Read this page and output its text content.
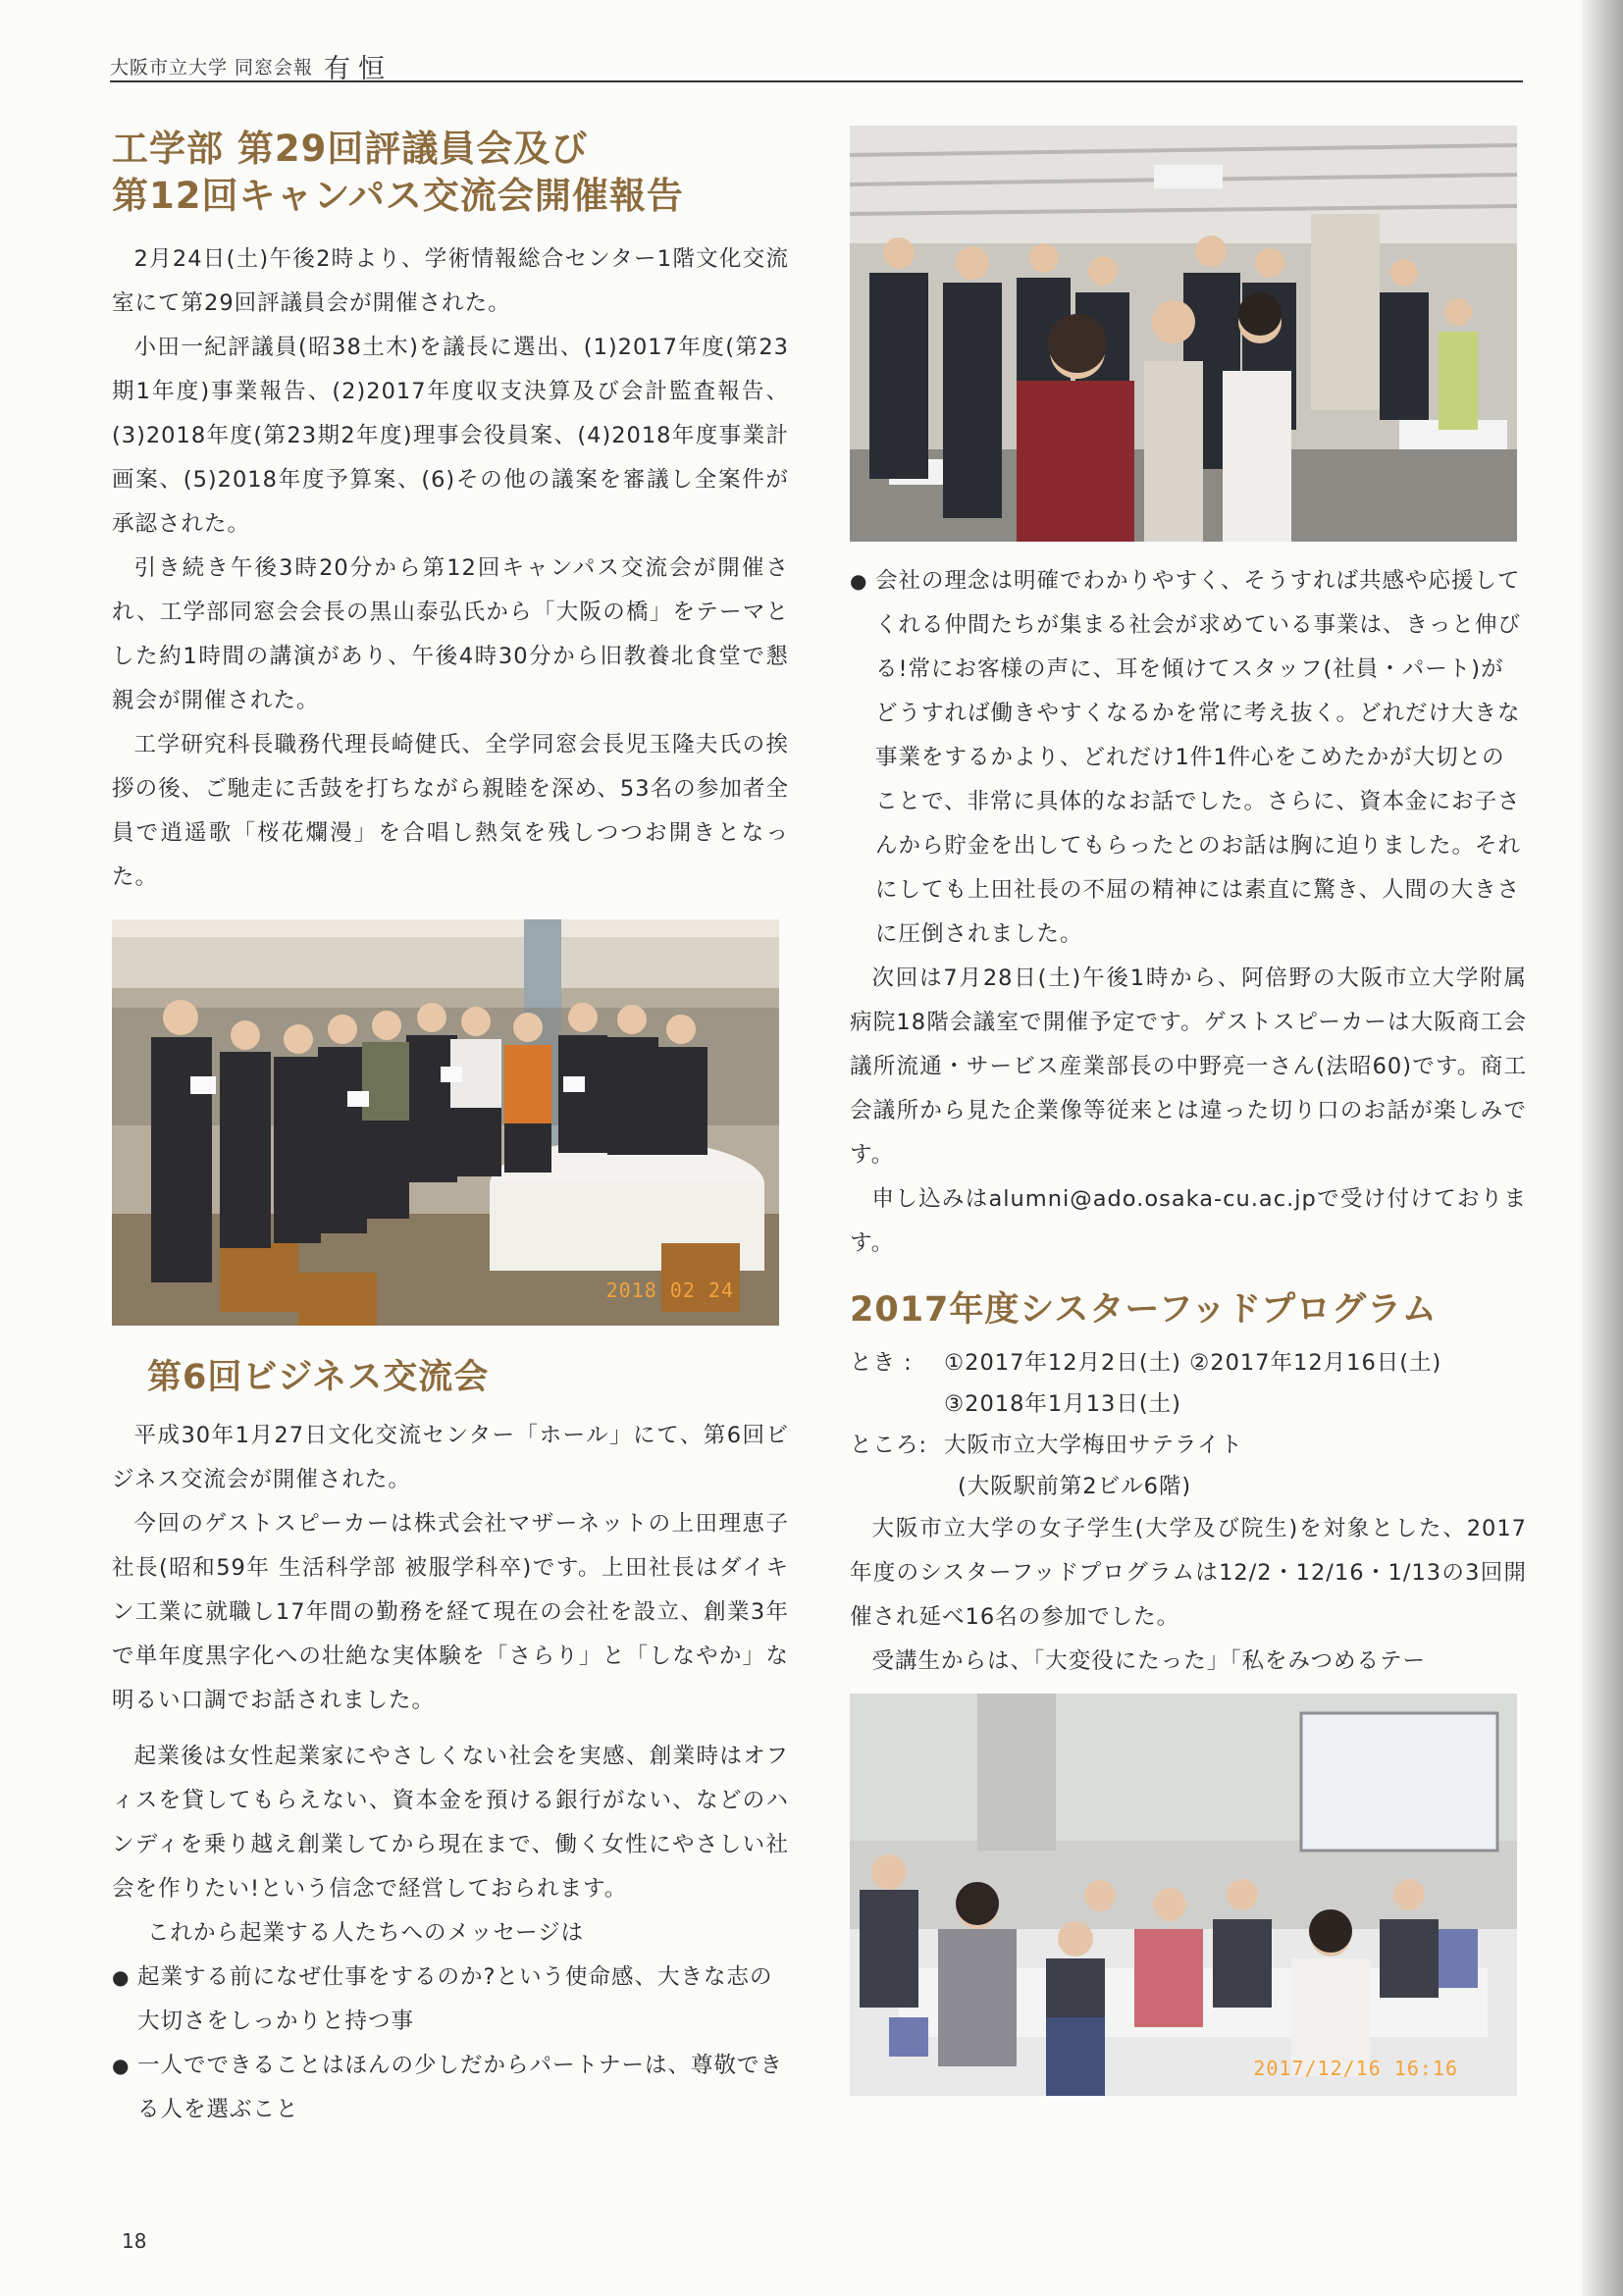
大阪市立大学 同窓会報 有恒
工学部 第29回評議員会及び
第12回キャンパス交流会開催報告

2月24日(土)午後2時より、学術情報総合センター1階文化交流室にて第29回評議員会が開催された。

小田一紀評議員(昭38土木)を議長に選出、(1)2017年度(第23期1年度)事業報告、(2)2017年度収支決算及び会計監査報告、(3)2018年度(第23期2年度)理事会役員案、(4)2018年度事業計画案、(5)2018年度予算案、(6)その他の議案を審議し全案件が承認された。

引き続き午後3時20分から第12回キャンパス交流会が開催され、工学部同窓会会長の黒山泰弘氏から「大阪の橋」をテーマとした約1時間の講演があり、午後4時30分から旧教養北食堂で懇親会が開催された。

工学研究科長職務代理長崎健氏、全学同窓会長児玉隆夫氏の挨拶の後、ご馳走に舌鼓を打ちながら親睦を深め、53名の参加者全員で逍遥歌「桜花爛漫」を合唱し熱気を残しつつお開きとなった。

2018 02 24
第6回ビジネス交流会

平成30年1月27日文化交流センター「ホール」にて、第6回ビジネス交流会が開催された。

今回のゲストスピーカーは株式会社マザーネットの上田理恵子社長(昭和59年 生活科学部 被服学科卒)です。上田社長はダイキン工業に就職し17年間の勤務を経て現在の会社を設立、創業3年で単年度黒字化への壮絶な実体験を「さらり」と「しなやか」な明るい口調でお話されました。

起業後は女性起業家にやさしくない社会を実感、創業時はオフィスを貸してもらえない、資本金を預ける銀行がない、などのハンディを乗り越え創業してから現在まで、働く女性にやさしい社会を作りたい!という信念で経営しておられます。

これから起業する人たちへのメッセージは

● 起業する前になぜ仕事をするのか?という使命感、大きな志の大切さをしっかりと持つ事

● 一人でできることはほんの少しだからパートナーは、尊敬できる人を選ぶこと

● 会社の理念は明確でわかりやすく、そうすれば共感や応援してくれる仲間たちが集まる社会が求めている事業は、きっと伸びる!常にお客様の声に、耳を傾けてスタッフ(社員・パート)がどうすれば働きやすくなるかを常に考え抜く。どれだけ大きな事業をするかより、どれだけ1件1件心をこめたかが大切とのことで、非常に具体的なお話でした。さらに、資本金にお子さんから貯金を出してもらったとのお話は胸に迫りました。それにしても上田社長の不屈の精神には素直に驚き、人間の大きさに圧倒されました。

次回は7月28日(土)午後1時から、阿倍野の大阪市立大学附属病院18階会議室で開催予定です。ゲストスピーカーは大阪商工会議所流通・サービス産業部長の中野亮一さん(法昭60)です。商工会議所から見た企業像等従来とは違った切り口のお話が楽しみです。

申し込みはalumni@ado.osaka-cu.ac.jpで受け付けております。

2017年度シスターフッドプログラム
とき :	①2017年12月2日(土) ②2017年12月16日(土)
③2018年1月13日(土)
ところ: 大阪市立大学梅田サテライト
(大阪駅前第2ビル6階)

大阪市立大学の女子学生(大学及び院生)を対象とした、2017年度のシスターフッドプログラムは12/2・12/16・1/13の3回開催され延べ16名の参加でした。

受講生からは、「大変役にたった」「私をみつめるテー

2017/12/16 16:16
18
